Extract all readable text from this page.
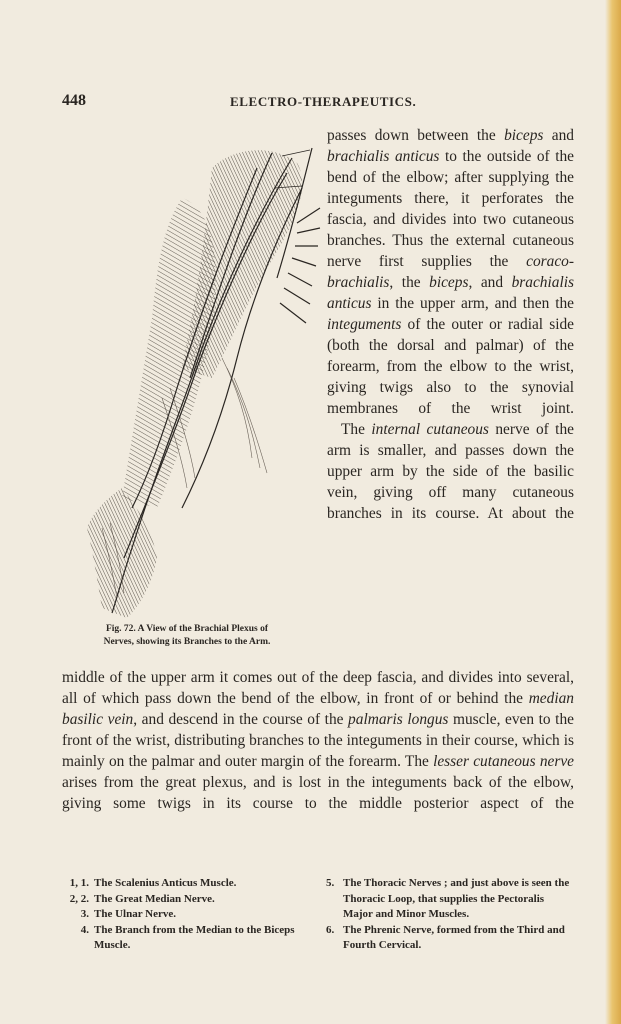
448	ELECTRO-THERAPEUTICS.
Fig. 72. A View of the Brachial Plexus of
Nerves, showing its Branches to the Arm.

passes down between the biceps and brachialis anticus to the outside of the bend of the elbow; after supplying the integuments there, it perforates the fascia, and divides into two cutaneous branches. Thus the external cutaneous nerve first supplies the coraco-brachialis, the biceps, and brachialis anticus in the upper arm, and then the integuments of the outer or radial side (both the dorsal and palmar) of the forearm, from the elbow to the wrist, giving twigs also to the synovial membranes of the wrist joint.

The internal cutaneous nerve of the arm is smaller, and passes down the upper arm by the side of the basilic vein, giving off many cutaneous branches in its course. At about the

middle of the upper arm it comes out of the deep fascia, and divides into several, all of which pass down the bend of the elbow, in front of or behind the median basilic vein, and descend in the course of the palmaris longus muscle, even to the front of the wrist, distributing branches to the integuments in their course, which is mainly on the palmar and outer margin of the forearm. The lesser cutaneous nerve arises from the great plexus, and is lost in the integuments back of the elbow, giving some twigs in its course to the middle posterior aspect of the

1, 1. The Scalenius Anticus Muscle.
2, 2. The Great Median Nerve.
3. The Ulnar Nerve.
4. The Branch from the Median to the Biceps Muscle.
5. The Thoracic Nerves ; and just above is seen the Thoracic Loop, that supplies the Pectoralis Major and Minor Muscles.
6. The Phrenic Nerve, formed from the Third and Fourth Cervical.
